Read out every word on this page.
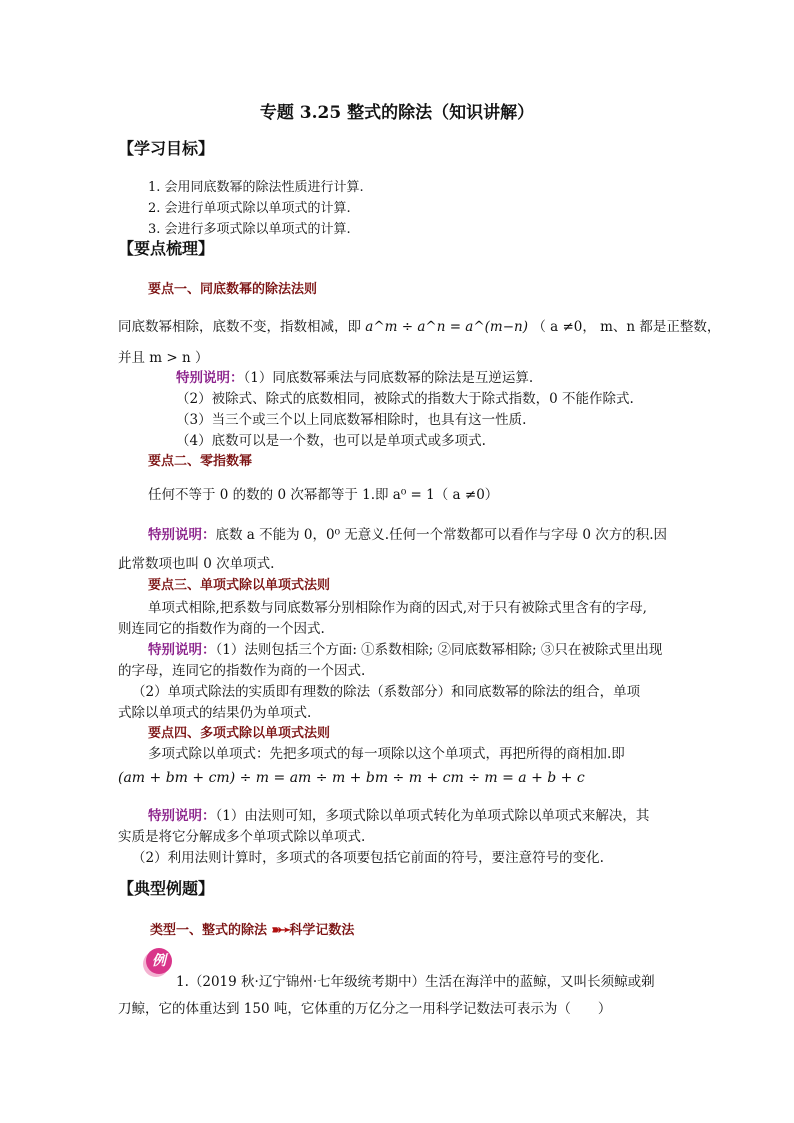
专题 3.25 整式的除法（知识讲解）
【学习目标】
1. 会用同底数幂的除法性质进行计算.
2. 会进行单项式除以单项式的计算.
3. 会进行多项式除以单项式的计算.
【要点梳理】
要点一、同底数幂的除法法则
同底数幂相除，底数不变，指数相减，即 a^m ÷ a^n = a^(m−n) （ a ≠0， m、n 都是正整数，
并且 m > n ）
特别说明：（1）同底数幂乘法与同底数幂的除法是互逆运算.
（2）被除式、除式的底数相同，被除式的指数大于除式指数，0 不能作除式.
（3）当三个或三个以上同底数幂相除时，也具有这一性质.
（4）底数可以是一个数，也可以是单项式或多项式.
要点二、零指数幂
任何不等于 0 的数的 0 次幂都等于 1.即 a⁰ = 1（ a ≠0）
特别说明：底数 a 不能为 0，0⁰ 无意义.任何一个常数都可以看作与字母 0 次方的积.因
此常数项也叫 0 次单项式.
要点三、单项式除以单项式法则
单项式相除,把系数与同底数幂分别相除作为商的因式,对于只有被除式里含有的字母,
则连同它的指数作为商的一个因式.
特别说明：（1）法则包括三个方面: ①系数相除; ②同底数幂相除; ③只在被除式里出现
的字母，连同它的指数作为商的一个因式.
（2）单项式除法的实质即有理数的除法（系数部分）和同底数幂的除法的组合，单项
式除以单项式的结果仍为单项式.
要点四、多项式除以单项式法则
多项式除以单项式：先把多项式的每一项除以这个单项式，再把所得的商相加.即
(am + bm + cm) ÷ m = am ÷ m + bm ÷ m + cm ÷ m = a + b + c
特别说明：（1）由法则可知，多项式除以单项式转化为单项式除以单项式来解决，其
实质是将它分解成多个单项式除以单项式.
（2）利用法则计算时，多项式的各项要包括它前面的符号，要注意符号的变化.
【典型例题】
类型一、整式的除法 ➽➛科学记数法
例
1.（2019 秋·辽宁锦州·七年级统考期中）生活在海洋中的蓝鲸，又叫长须鲸或剃
刀鲸，它的体重达到 150 吨，它体重的万亿分之一用科学记数法可表示为（　　）
